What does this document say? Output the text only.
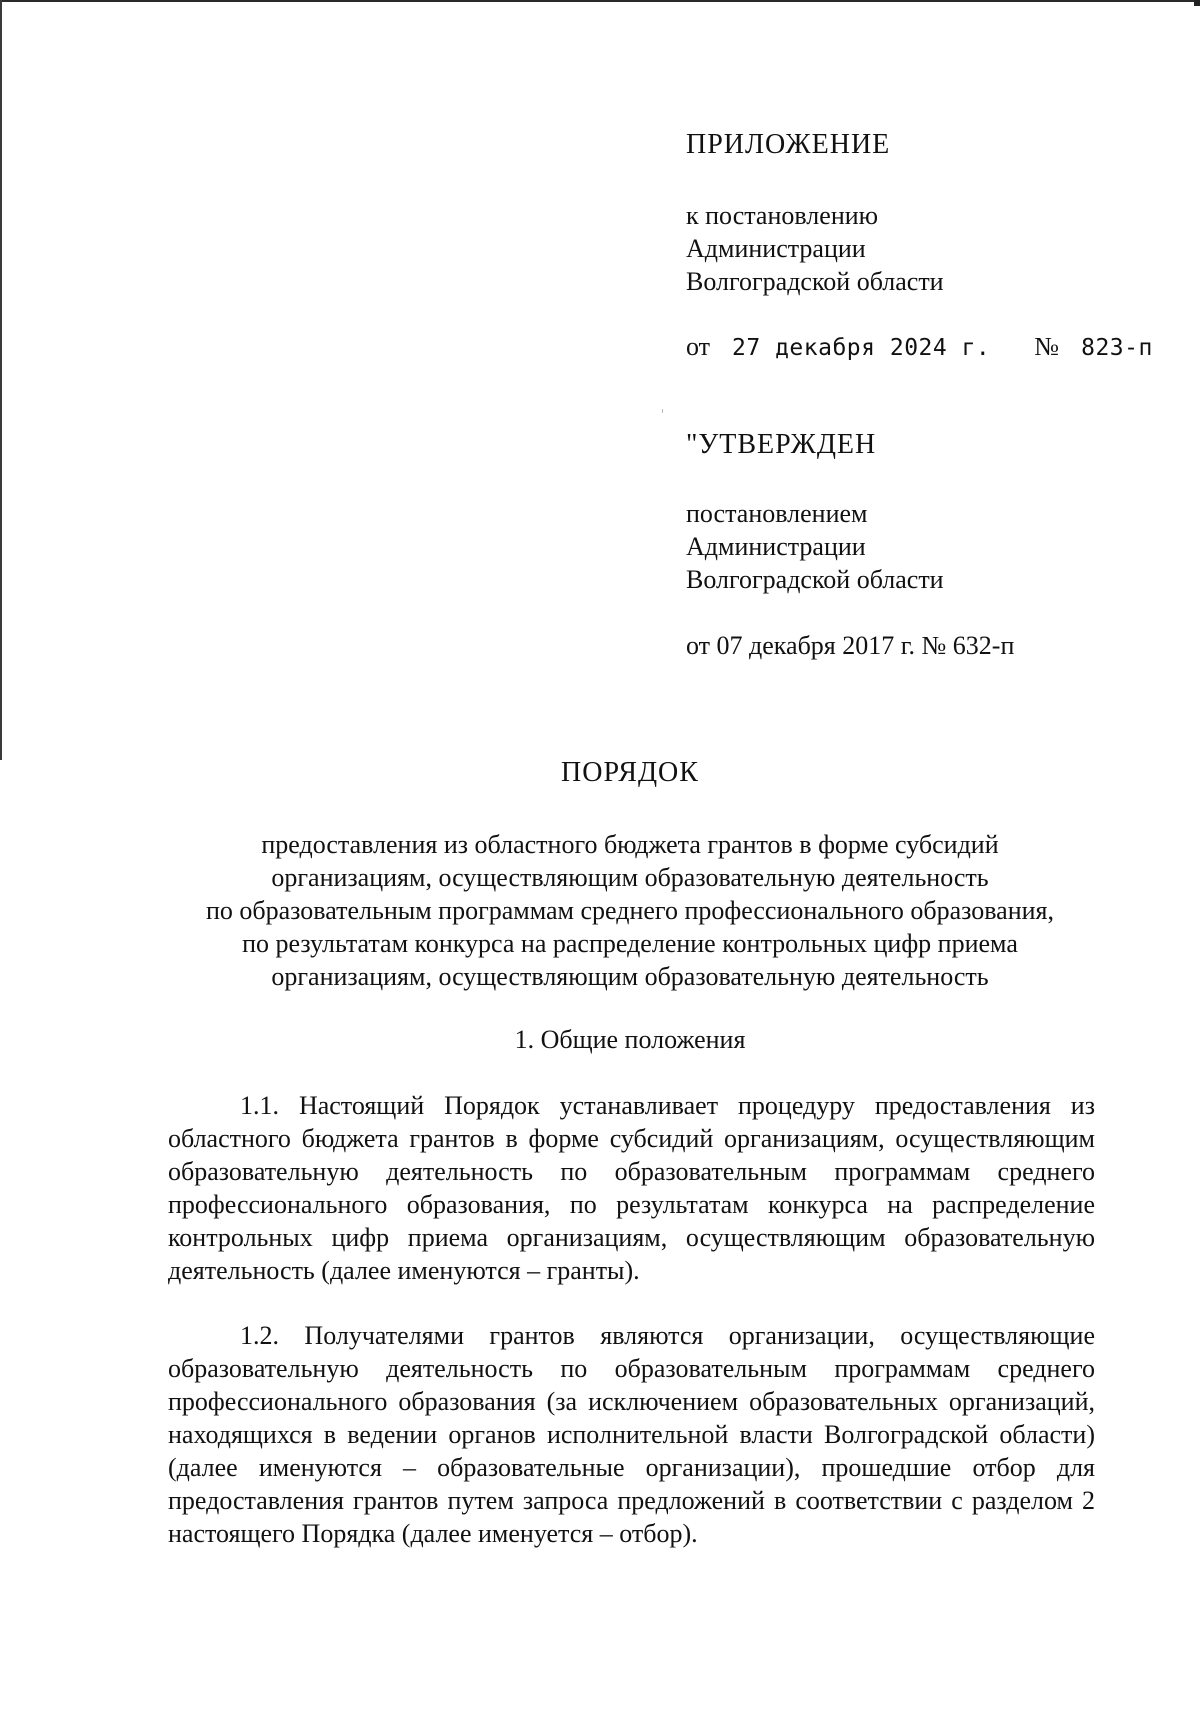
ПРИЛОЖЕНИЕ
к постановлению
Администрации
Волгоградской области
от 27 декабря 2024 г. № 823-п
"УТВЕРЖДЕН
постановлением
Администрации
Волгоградской области
от 07 декабря 2017 г. № 632-п
ПОРЯДОК
предоставления из областного бюджета грантов в форме субсидий
организациям, осуществляющим образовательную деятельность
по образовательным программам среднего профессионального образования,
по результатам конкурса на распределение контрольных цифр приема
организациям, осуществляющим образовательную деятельность
1. Общие положения
1.1. Настоящий Порядок устанавливает процедуру предоставления из областного бюджета грантов в форме субсидий организациям, осуществляющим образовательную деятельность по образовательным программам среднего профессионального образования, по результатам конкурса на распределение контрольных цифр приема организациям, осуществляющим образовательную деятельность (далее именуются – гранты).
1.2. Получателями грантов являются организации, осуществляющие образовательную деятельность по образовательным программам среднего профессионального образования (за исключением образовательных организаций, находящихся в ведении органов исполнительной власти Волгоградской области) (далее именуются – образовательные организации), прошедшие отбор для предоставления грантов путем запроса предложений в соответствии с разделом 2 настоящего Порядка (далее именуется – отбор).
